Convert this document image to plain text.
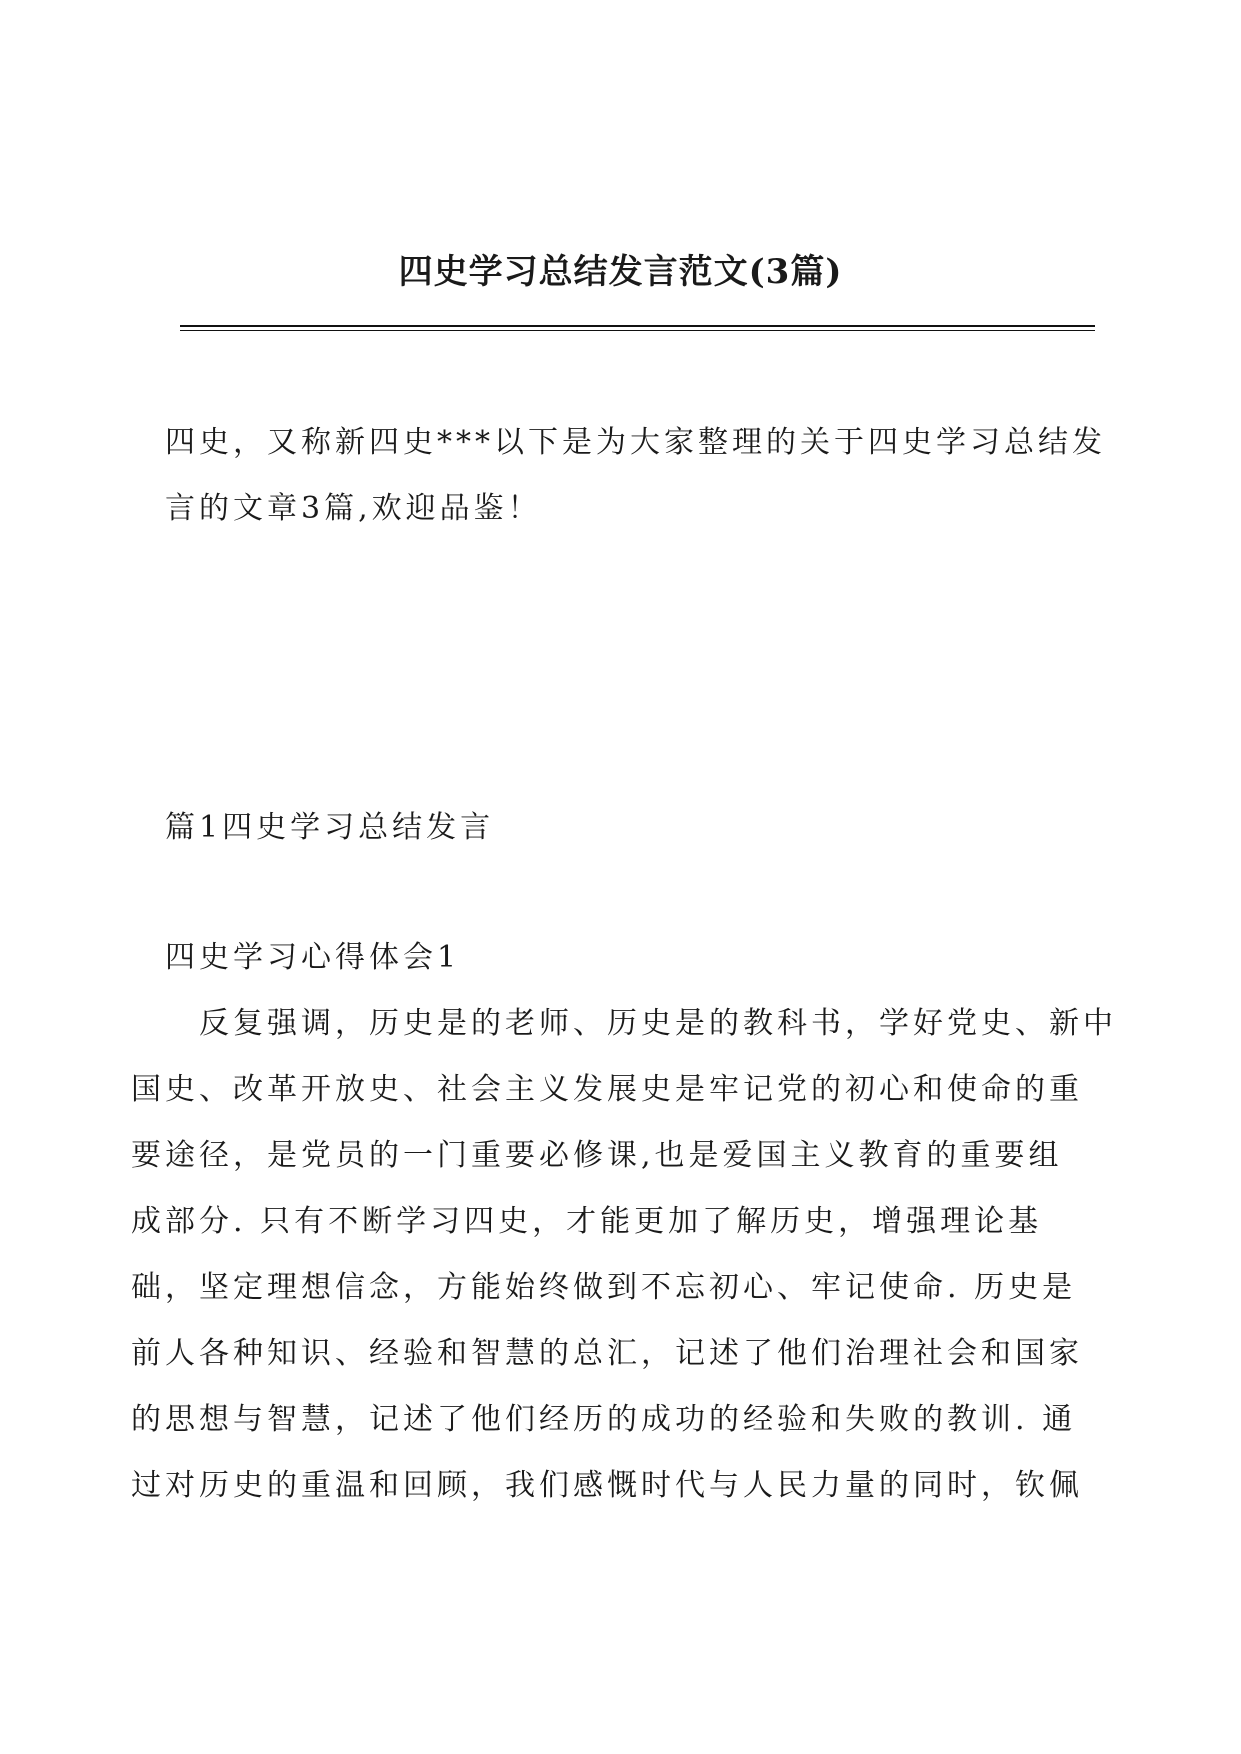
四史学习总结发言范文(3篇)
四史，又称新四史***以下是为大家整理的关于四史学习总结发
言的文章3篇,欢迎品鉴！
篇1四史学习总结发言
四史学习心得体会1
反复强调，历史是的老师、历史是的教科书，学好党史、新中
国史、改革开放史、社会主义发展史是牢记党的初心和使命的重
要途径，是党员的一门重要必修课,也是爱国主义教育的重要组
成部分. 只有不断学习四史，才能更加了解历史，增强理论基
础，坚定理想信念，方能始终做到不忘初心、牢记使命. 历史是
前人各种知识、经验和智慧的总汇，记述了他们治理社会和国家
的思想与智慧，记述了他们经历的成功的经验和失败的教训. 通
过对历史的重温和回顾，我们感慨时代与人民力量的同时，钦佩
